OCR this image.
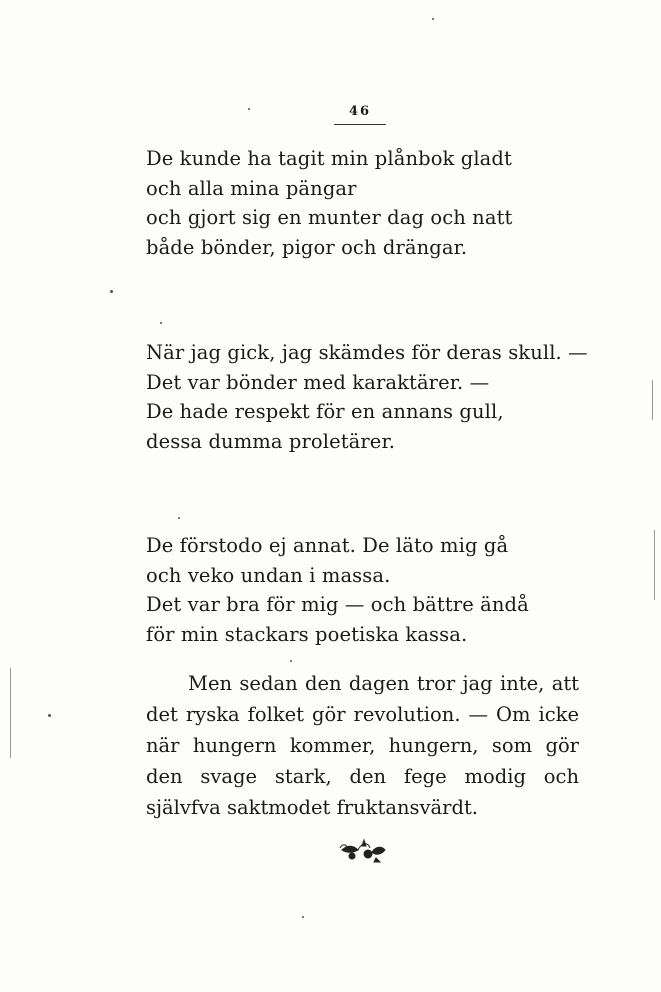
46
De kunde ha tagit min plånbok gladt
och alla mina pängar
och gjort sig en munter dag och natt
både bönder, pigor och drängar.
När jag gick, jag skämdes för deras skull. —
Det var bönder med karaktärer. —
De hade respekt för en annans gull,
dessa dumma proletärer.
De förstodo ej annat. De läto mig gå
och veko undan i massa.
Det var bra för mig — och bättre ändå
för min stackars poetiska kassa.

Men sedan den dagen tror jag inte, att det ryska folket gör revolution. — Om icke när hungern kommer, hungern, som gör den svage stark, den fege modig och självfva saktmodet fruktansvärdt.
